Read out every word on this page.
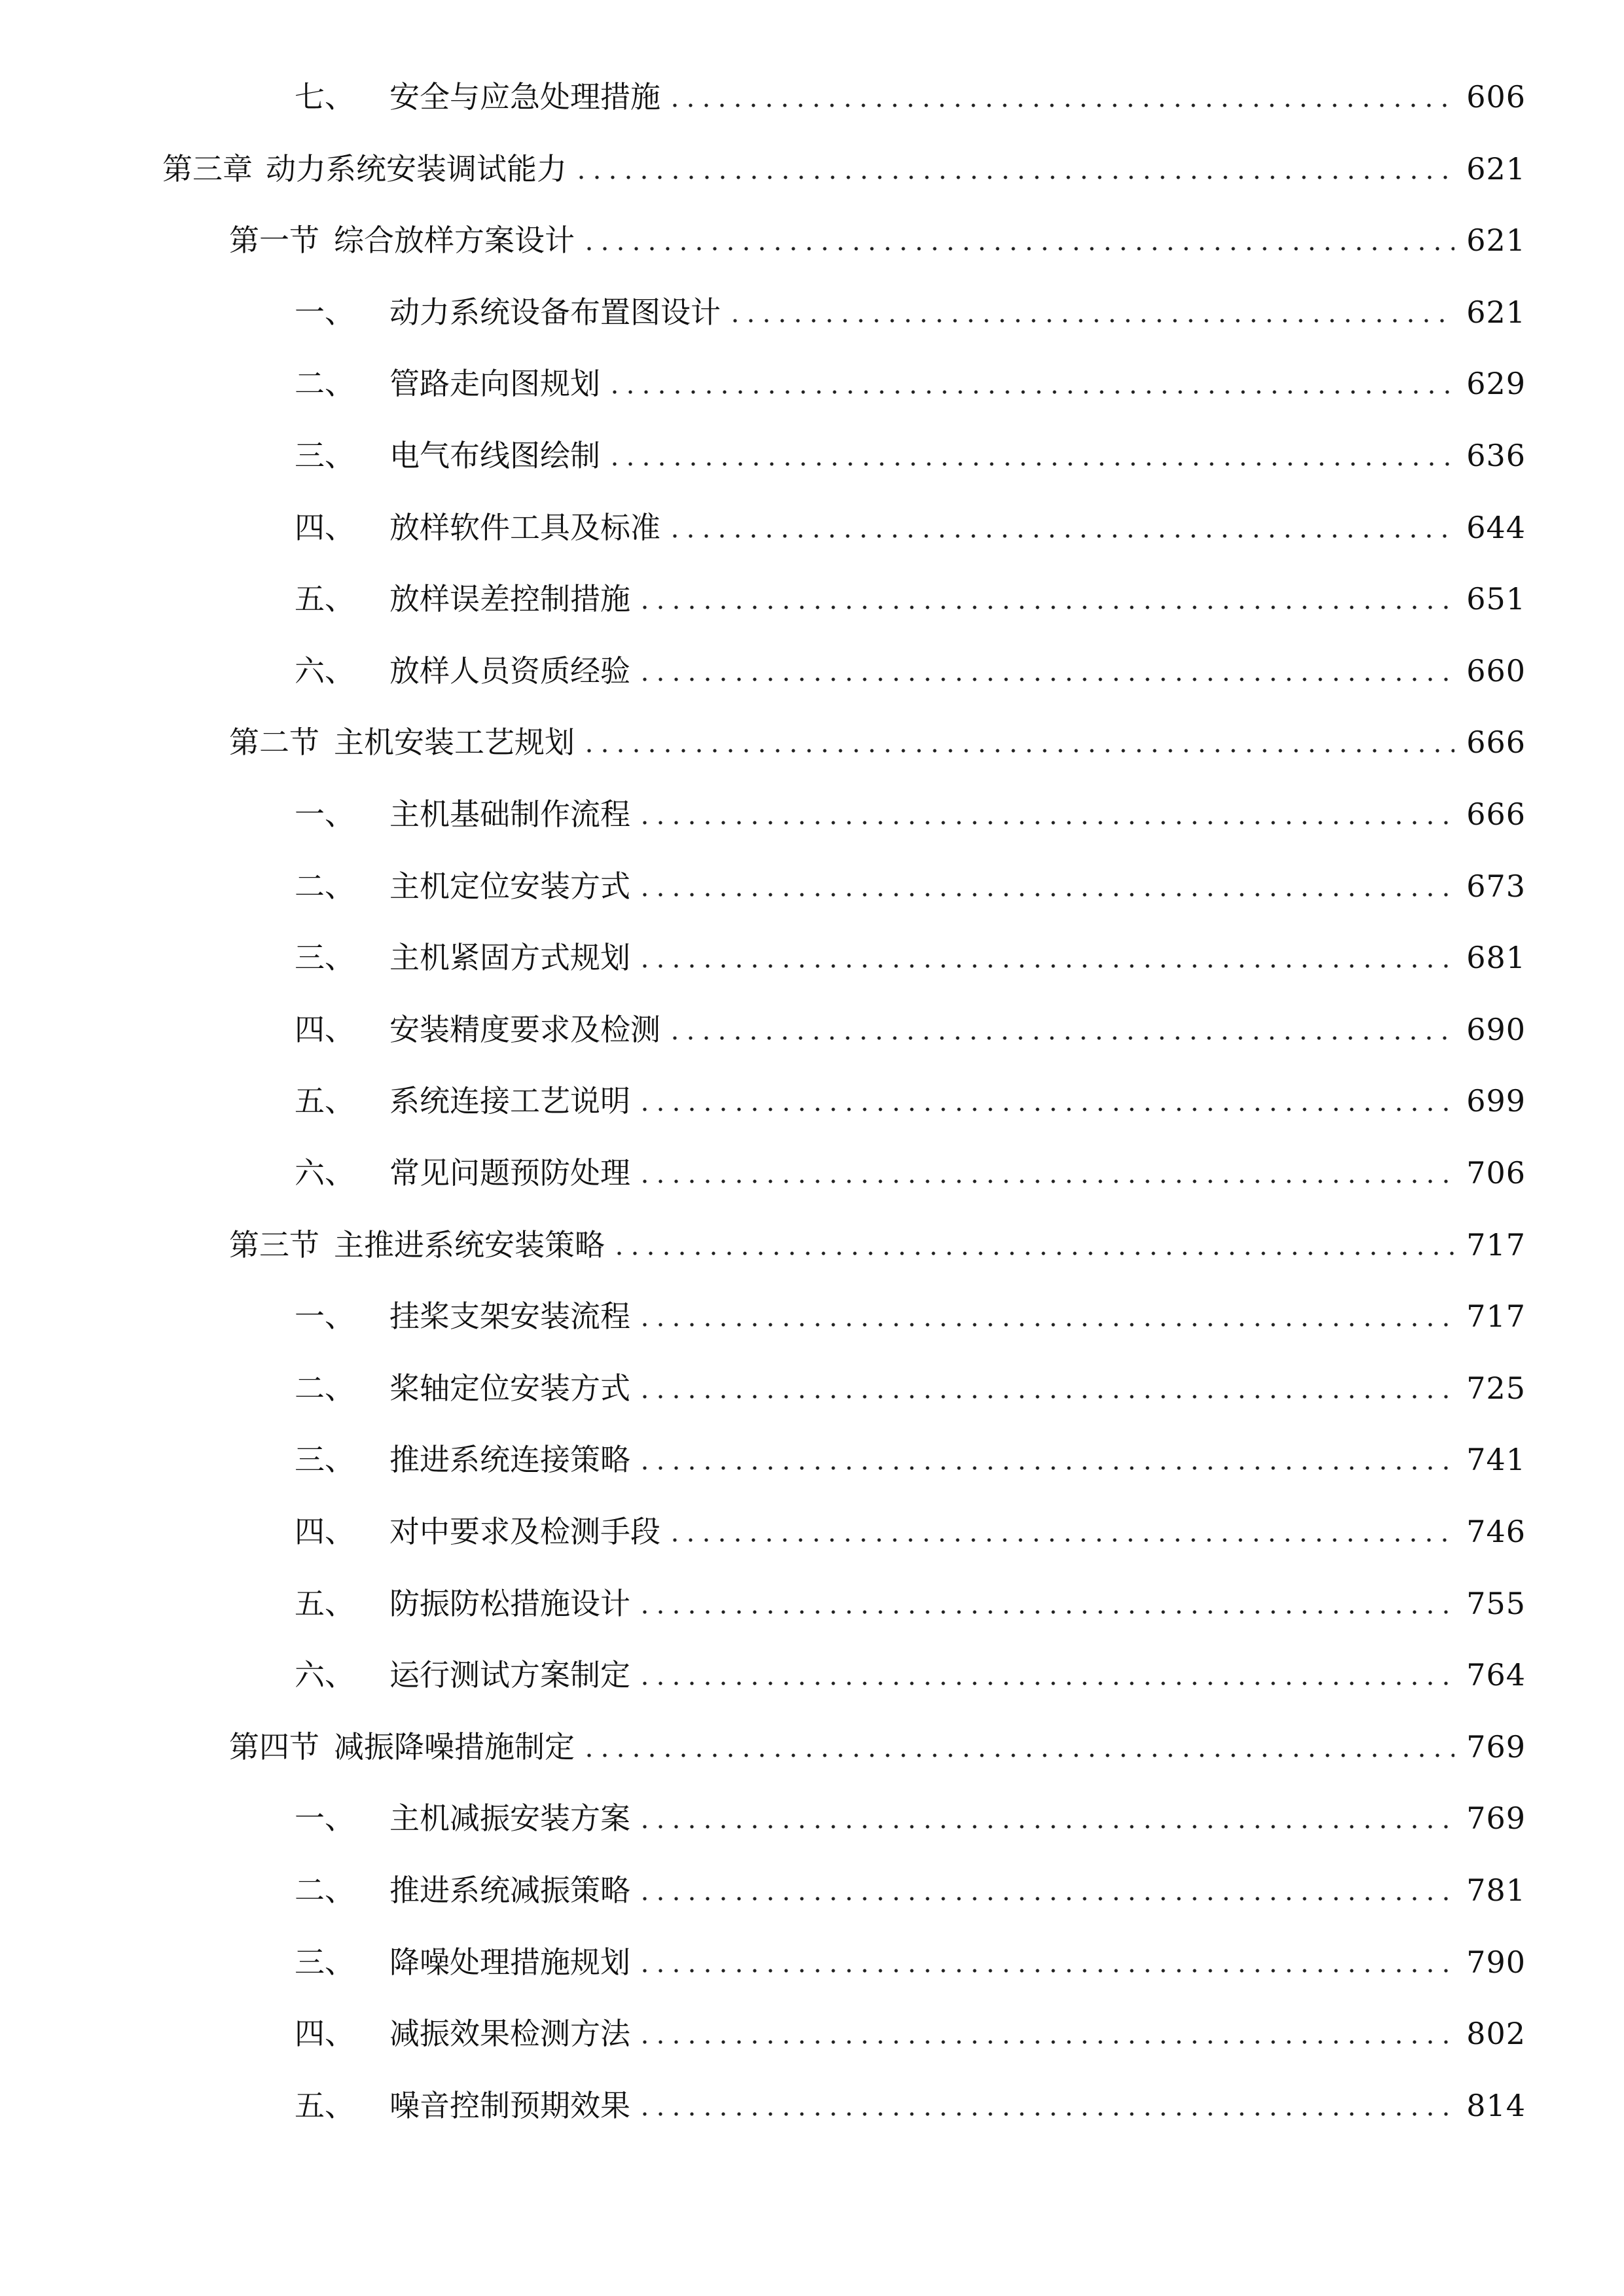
七、	安全与应急处理措施	606
第三章 动力系统安装调试能力	621
第一节 综合放样方案设计	621
一、	动力系统设备布置图设计	621
二、	管路走向图规划	629
三、	电气布线图绘制	636
四、	放样软件工具及标准	644
五、	放样误差控制措施	651
六、	放样人员资质经验	660
第二节 主机安装工艺规划	666
一、	主机基础制作流程	666
二、	主机定位安装方式	673
三、	主机紧固方式规划	681
四、	安装精度要求及检测	690
五、	系统连接工艺说明	699
六、	常见问题预防处理	706
第三节 主推进系统安装策略	717
一、	挂桨支架安装流程	717
二、	桨轴定位安装方式	725
三、	推进系统连接策略	741
四、	对中要求及检测手段	746
五、	防振防松措施设计	755
六、	运行测试方案制定	764
第四节 减振降噪措施制定	769
一、	主机减振安装方案	769
二、	推进系统减振策略	781
三、	降噪处理措施规划	790
四、	减振效果检测方法	802
五、	噪音控制预期效果	814
